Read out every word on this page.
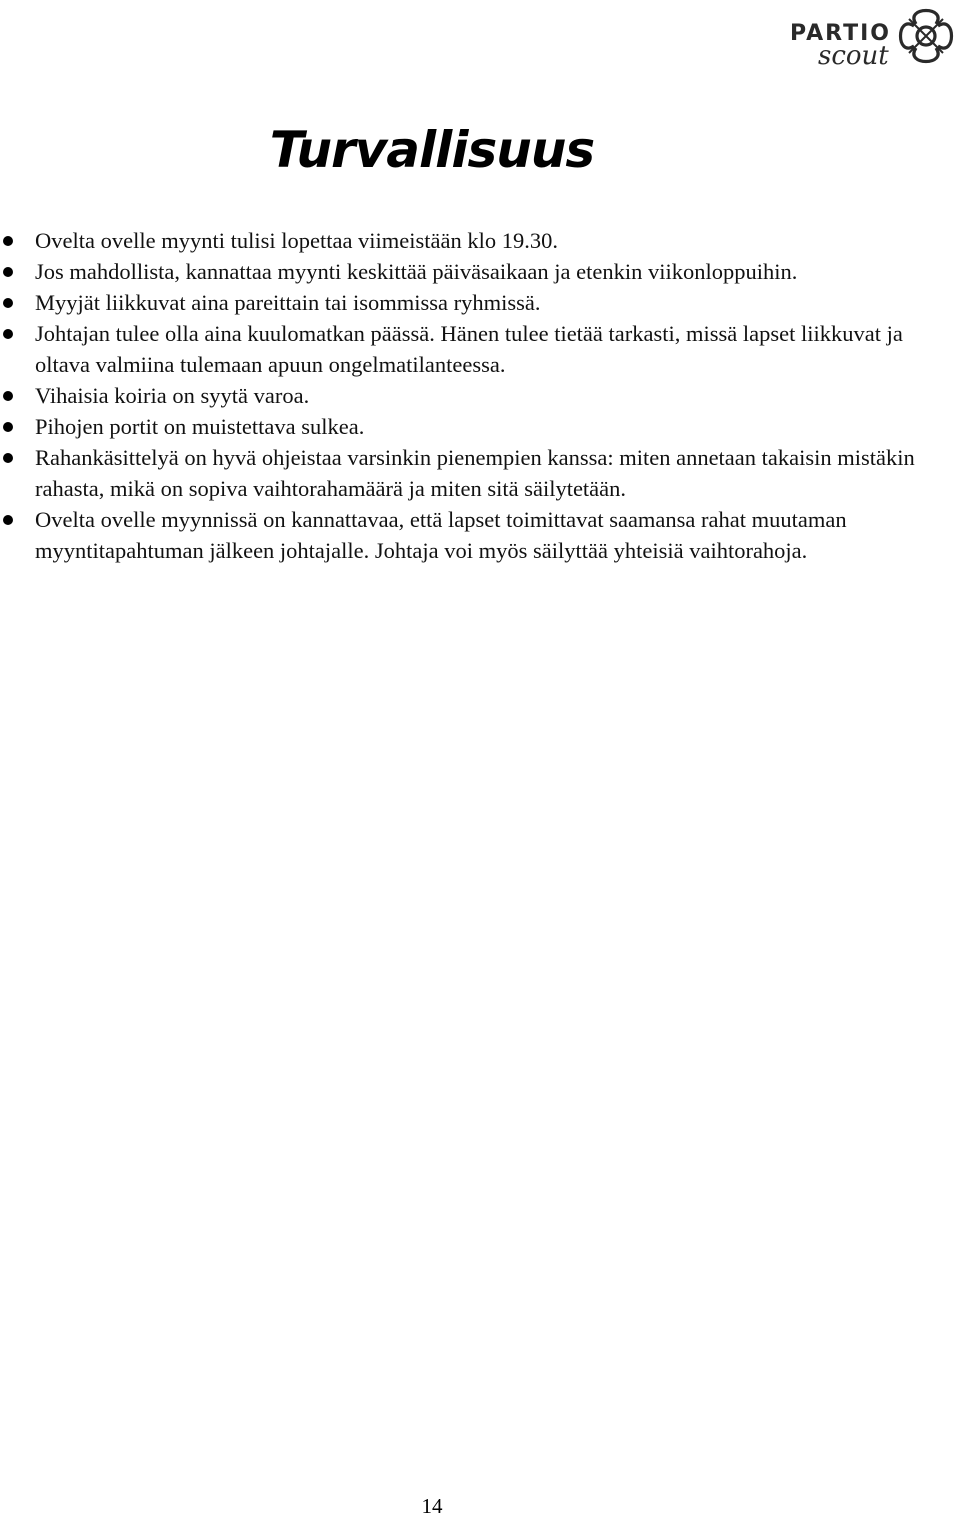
PARTIO
scout
Turvallisuus
Ovelta ovelle myynti tulisi lopettaa viimeistään klo 19.30.
Jos mahdollista, kannattaa myynti keskittää päiväsaikaan ja etenkin viikonloppuihin.
Myyjät liikkuvat aina pareittain tai isommissa ryhmissä.
Johtajan tulee olla aina kuulomatkan päässä. Hänen tulee tietää tarkasti, missä lapset liikkuvat ja oltava valmiina tulemaan apuun ongelmatilanteessa.
Vihaisia koiria on syytä varoa.
Pihojen portit on muistettava sulkea.
Rahankäsittelyä on hyvä ohjeistaa varsinkin pienempien kanssa: miten annetaan takaisin mistäkin rahasta, mikä on sopiva vaihtorahamäärä ja miten sitä säilytetään.
Ovelta ovelle myynnissä on kannattavaa, että lapset toimittavat saamansa rahat muutaman myyntitapahtuman jälkeen johtajalle. Johtaja voi myös säilyttää yhteisiä vaihtorahoja.
14
